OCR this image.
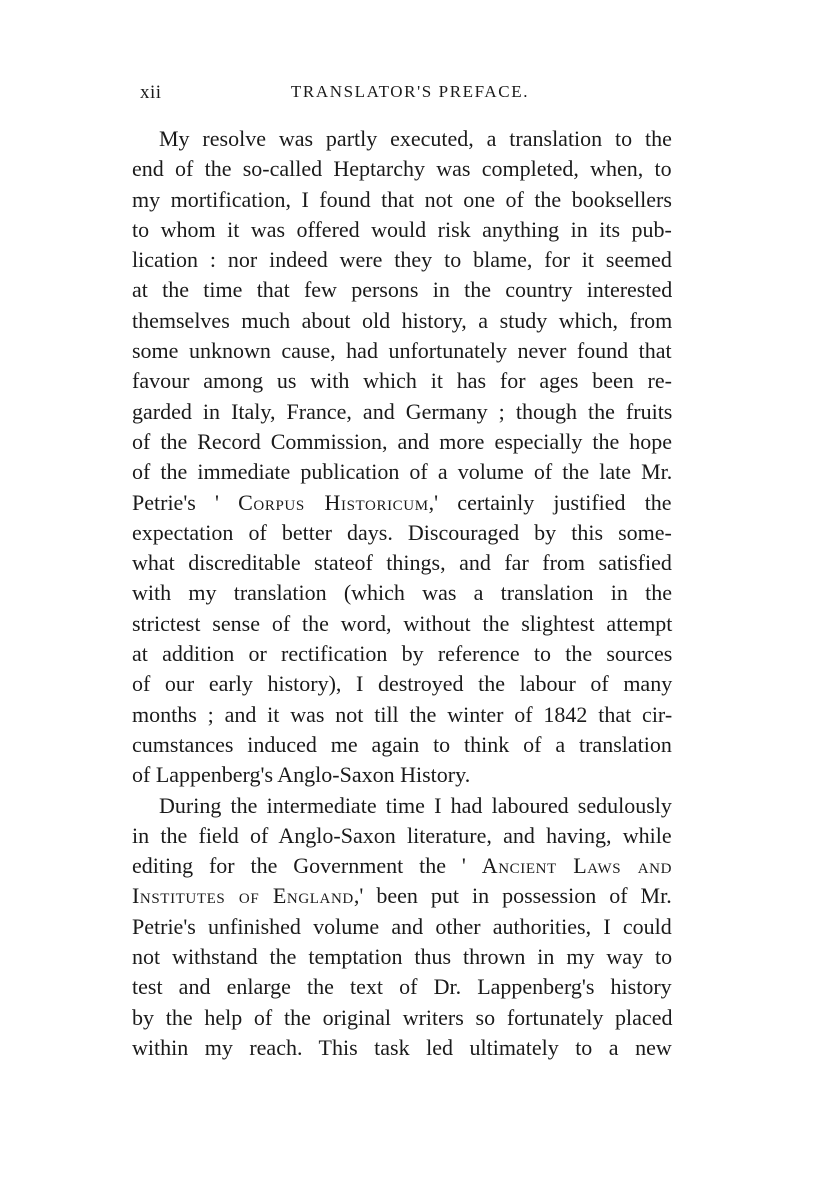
xii	TRANSLATOR'S PREFACE.
My resolve was partly executed, a translation to the
end of the so-called Heptarchy was completed, when, to
my mortification, I found that not one of the booksellers
to whom it was offered would risk anything in its pub-
lication : nor indeed were they to blame, for it seemed
at the time that few persons in the country interested
themselves much about old history, a study which, from
some unknown cause, had unfortunately never found that
favour among us with which it has for ages been re-
garded in Italy, France, and Germany ; though the fruits
of the Record Commission, and more especially the hope
of the immediate publication of a volume of the late Mr.
Petrie's ' Corpus Historicum,' certainly justified the
expectation of better days. Discouraged by this some-
what discreditable stateof things, and far from satisfied
with my translation (which was a translation in the
strictest sense of the word, without the slightest attempt
at addition or rectification by reference to the sources
of our early history), I destroyed the labour of many
months ; and it was not till the winter of 1842 that cir-
cumstances induced me again to think of a translation
of Lappenberg's Anglo-Saxon History.
During the intermediate time I had laboured sedulously
in the field of Anglo-Saxon literature, and having, while
editing for the Government the ' Ancient Laws and
Institutes of England,' been put in possession of Mr.
Petrie's unfinished volume and other authorities, I could
not withstand the temptation thus thrown in my way to
test and enlarge the text of Dr. Lappenberg's history
by the help of the original writers so fortunately placed
within my reach. This task led ultimately to a new
